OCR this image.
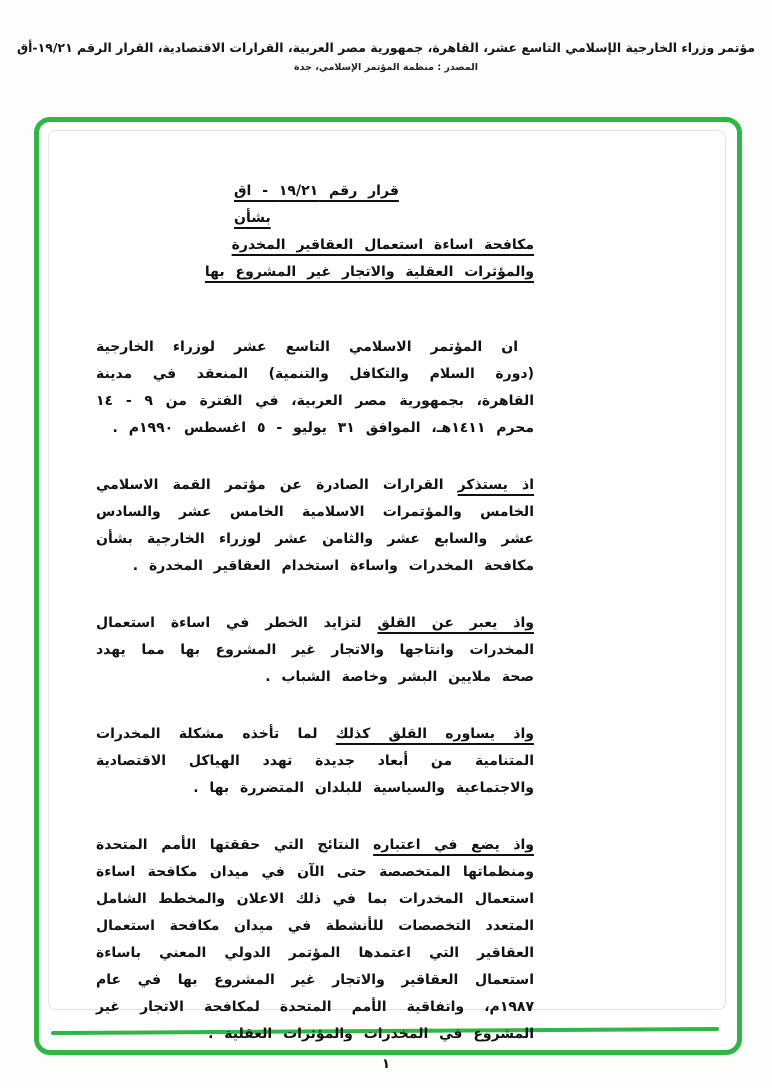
مؤتمر وزراء الخارجية الإسلامي التاسع عشر، القاهرة، جمهورية مصر العربية، القرارات الاقتصادية، القرار الرقم ١٩/٢١-أق
المصدر : منظمة المؤتمر الإسلامي، جدة
قرار رقم ١٩/٢١ - اق
بشأن
مكافحة اساءة استعمال العقاقير المخدرة
والمؤثرات العقلية والاتجار غير المشروع بها

ان المؤتمر الاسلامي التاسع عشر لوزراء الخارجية (دورة السلام والتكافل والتنمية) المنعقد في مدينة القاهرة، بجمهورية مصر العربية، في الفترة من ٩ - ١٤ محرم ١٤١١هـ، الموافق ٣١ يوليو - ٥ اغسطس ١٩٩٠م .

اذ يستذكر القرارات الصادرة عن مؤتمر القمة الاسلامي الخامس والمؤتمرات الاسلامية الخامس عشر والسادس عشر والسابع عشر والثامن عشر لوزراء الخارجية بشأن مكافحة المخدرات واساءة استخدام العقاقير المخدرة .

واذ يعبر عن القلق لتزايد الخطر في اساءة استعمال المخدرات وانتاجها والاتجار غير المشروع بها مما يهدد صحة ملايين البشر وخاصة الشباب .

واذ يساوره القلق كذلك لما تأخذه مشكلة المخدرات المتنامية من أبعاد جديدة تهدد الهياكل الاقتصادية والاجتماعية والسياسية للبلدان المتضررة بها .

واذ يضع في اعتباره النتائج التي حققتها الأمم المتحدة ومنظماتها المتخصصة حتى الآن في ميدان مكافحة اساءة استعمال المخدرات بما في ذلك الاعلان والمخطط الشامل المتعدد التخصصات للأنشطة في ميدان مكافحة استعمال العقاقير التي اعتمدها المؤتمر الدولي المعني باساءة استعمال العقاقير والاتجار غير المشروع بها في عام ١٩٨٧م، واتفاقية الأمم المتحدة لمكافحة الاتجار غير المشروع في المخدرات والمؤثرات العقلية .

١
